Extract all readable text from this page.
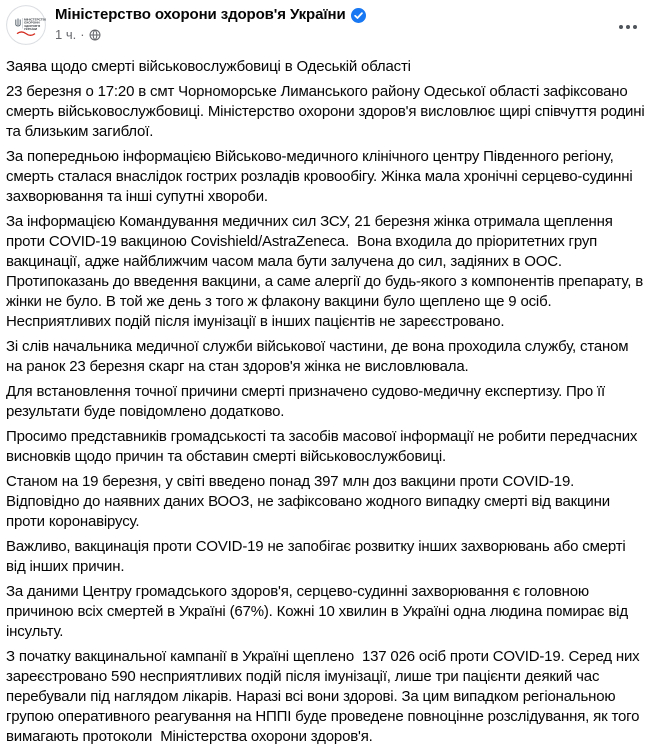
МІНІСТЕРСТВО
ОХОРОНИ
ЗДОРОВ'Я
УКРАЇНИ
Міністерство охорони здоров'я України
1 ч. ·

Заява щодо смерті військовослужбовиці в Одеській області

23 березня о 17:20 в смт Чорноморське Лиманського району Одеської області зафіксовано смерть військовослужбовиці. Міністерство охорони здоров'я висловлює щирі співчуття родині та близьким загиблої.

За попередньою інформацією Військово-медичного клінічного центру Південного регіону, смерть сталася внаслідок гострих розладів кровообігу. Жінка мала хронічні серцево-судинні захворювання та інші супутні хвороби.

За інформацією Командування медичних сил ЗСУ, 21 березня жінка отримала щеплення проти COVID-19 вакциною Covishield/AstraZeneca.  Вона входила до пріоритетних груп вакцинації, адже найближчим часом мала бути залучена до сил, задіяних в ООС. Протипоказань до введення вакцини, а саме алергії до будь-якого з компонентів препарату, в жінки не було. В той же день з того ж флакону вакцини було щеплено ще 9 осіб. Несприятливих подій після імунізації в інших пацієнтів не зареєстровано.

Зі слів начальника медичної служби військової частини, де вона проходила службу, станом на ранок 23 березня скарг на стан здоров'я жінка не висловлювала.

Для встановлення точної причини смерті призначено судово-медичну експертизу. Про її результати буде повідомлено додатково.

Просимо представників громадськості та засобів масової інформації не робити передчасних висновків щодо причин та обставин смерті військовослужбовиці.

Станом на 19 березня, у світі введено понад 397 млн доз вакцини проти COVID-19. Відповідно до наявних даних ВООЗ, не зафіксовано жодного випадку смерті від вакцини проти коронавірусу.

Важливо, вакцинація проти COVID-19 не запобігає розвитку інших захворювань або смерті від інших причин.

За даними Центру громадського здоров'я, серцево-судинні захворювання є головною причиною всіх смертей в Україні (67%). Кожні 10 хвилин в Україні одна людина помирає від інсульту.

З початку вакцинальної кампанії в Україні щеплено  137 026 осіб проти COVID-19. Серед них зареєстровано 590 несприятливих подій після імунізації, лише три пацієнти деякий час перебували під наглядом лікарів. Наразі всі вони здорові. За цим випадком регіональною групою оперативного реагування на НППІ буде проведене повноцінне розслідування, як того вимагають протоколи  Міністерства охорони здоров'я.
